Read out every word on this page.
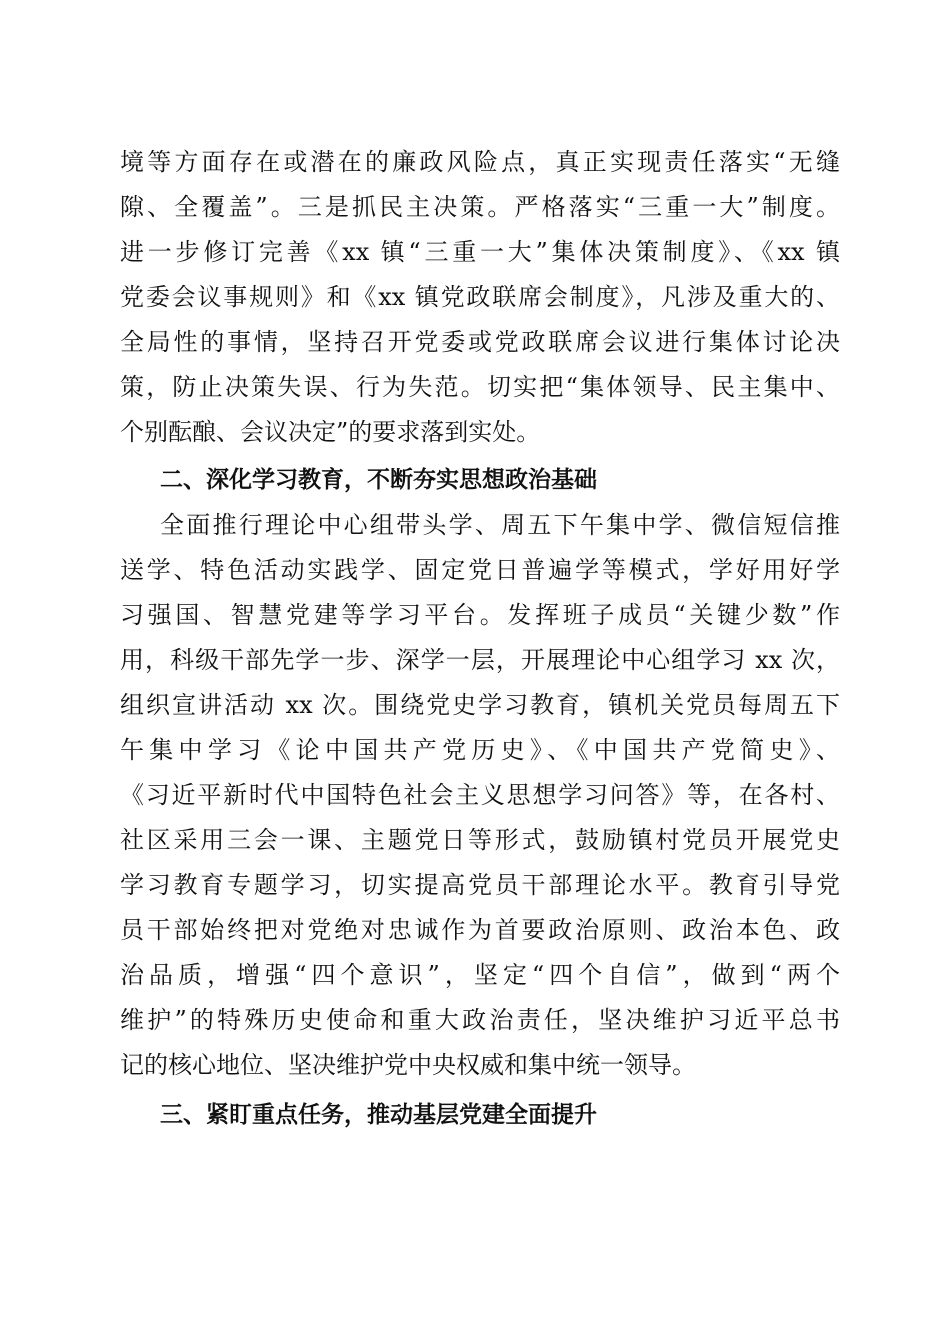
境等方面存在或潜在的廉政风险点，真正实现责任落实“无缝
隙、全覆盖”。三是抓民主决策。严格落实“三重一大”制度。
进一步修订完善《xx 镇“三重一大”集体决策制度》、《xx 镇
党委会议事规则》和《xx 镇党政联席会制度》，凡涉及重大的、
全局性的事情，坚持召开党委或党政联席会议进行集体讨论决
策，防止决策失误、行为失范。切实把“集体领导、民主集中、
个别酝酿、会议决定”的要求落到实处。
二、深化学习教育，不断夯实思想政治基础
全面推行理论中心组带头学、周五下午集中学、微信短信推
送学、特色活动实践学、固定党日普遍学等模式，学好用好学
习强国、智慧党建等学习平台。发挥班子成员“关键少数”作
用，科级干部先学一步、深学一层，开展理论中心组学习 xx 次，
组织宣讲活动 xx 次。围绕党史学习教育，镇机关党员每周五下
午集中学习《论中国共产党历史》、《中国共产党简史》、
《习近平新时代中国特色社会主义思想学习问答》等，在各村、
社区采用三会一课、主题党日等形式，鼓励镇村党员开展党史
学习教育专题学习，切实提高党员干部理论水平。教育引导党
员干部始终把对党绝对忠诚作为首要政治原则、政治本色、政
治品质，增强“四个意识”，坚定“四个自信”，做到“两个
维护”的特殊历史使命和重大政治责任，坚决维护习近平总书
记的核心地位、坚决维护党中央权威和集中统一领导。
三、紧盯重点任务，推动基层党建全面提升
